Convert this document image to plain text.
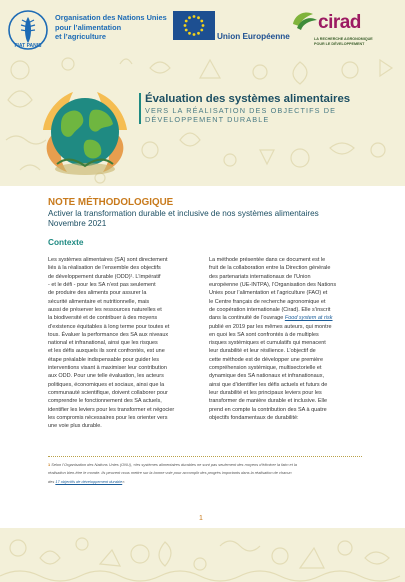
FIAT PANIS
Organisation des Nations Unies
pour l’alimentation
et l’agriculture	Union Européenne
cirad
LA RECHERCHE AGRONOMIQUE
POUR LE DÉVELOPPEMENT
Évaluation des systèmes alimentaires
VERS LA RÉALISATION DES OBJECTIFS DE
DÉVELOPPEMENT DURABLE
NOTE MÉTHODOLOGIQUE
Activer la transformation durable et inclusive de nos systèmes alimentaires
Novembre 2021
Contexte
Les systèmes alimentaires (SA) sont directement
liés à la réalisation de l’ensemble des objectifs
de développement durable (ODD)¹. L’impératif
- et le défi - pour les SA n’est pas seulement
de produire des aliments pour assurer la
sécurité alimentaire et nutritionnelle, mais
aussi de préserver les ressources naturelles et
la biodiversité et de contribuer à des moyens
d’existence équitables à long terme pour toutes et
tous. Évaluer la performance des SA aux niveaux
national et infranational, ainsi que les risques
et les défis auxquels ils sont confrontés, est une
étape préalable indispensable pour guider les
interventions visant à maximiser leur contribution
aux ODD. Pour une telle évaluation, les acteurs
politiques, économiques et sociaux, ainsi que la
communauté scientifique, doivent collaborer pour
comprendre le fonctionnement des SA actuels,
identifier les leviers pour les transformer et négocier
les compromis nécessaires pour les orienter vers
une voie plus durable.
La méthode présentée dans ce document est le
fruit de la collaboration entre la Direction générale
des partenariats internationaux de l’Union
européenne (UE-INTPA), l’Organisation des Nations
Unies pour l’alimentation et l’agriculture (FAO) et
le Centre français de recherche agronomique et
de coopération internationale (Cirad). Elle s’inscrit
dans la continuité de l’ouvrage Food system at risk
publié en 2019 par les mêmes auteurs, qui montre
en quoi les SA sont confrontés à de multiples
risques systémiques et cumulatifs qui menacent
leur durabilité et leur résilience. L’objectif de
cette méthode est de développer une première
compréhension systémique, multisectorielle et
dynamique des SA nationaux et infranationaux,
ainsi que d’identifier les défis actuels et futurs de
leur durabilité et les principaux leviers pour les
transformer de manière durable et inclusive. Elle
prend en compte la contribution des SA à quatre
objectifs fondamentaux de durabilité:
1 Selon l’Organisation des Nations Unies (ONU), «les systèmes alimentaires durables ne sont pas seulement des moyens d’éliminer la faim et la
réalisation bien-être le monde. Ils peuvent nous mettre sur la bonne voie pour accomplir des progrès importants dans la réalisation de chacun
des 17 objectifs de développement durable».
1
